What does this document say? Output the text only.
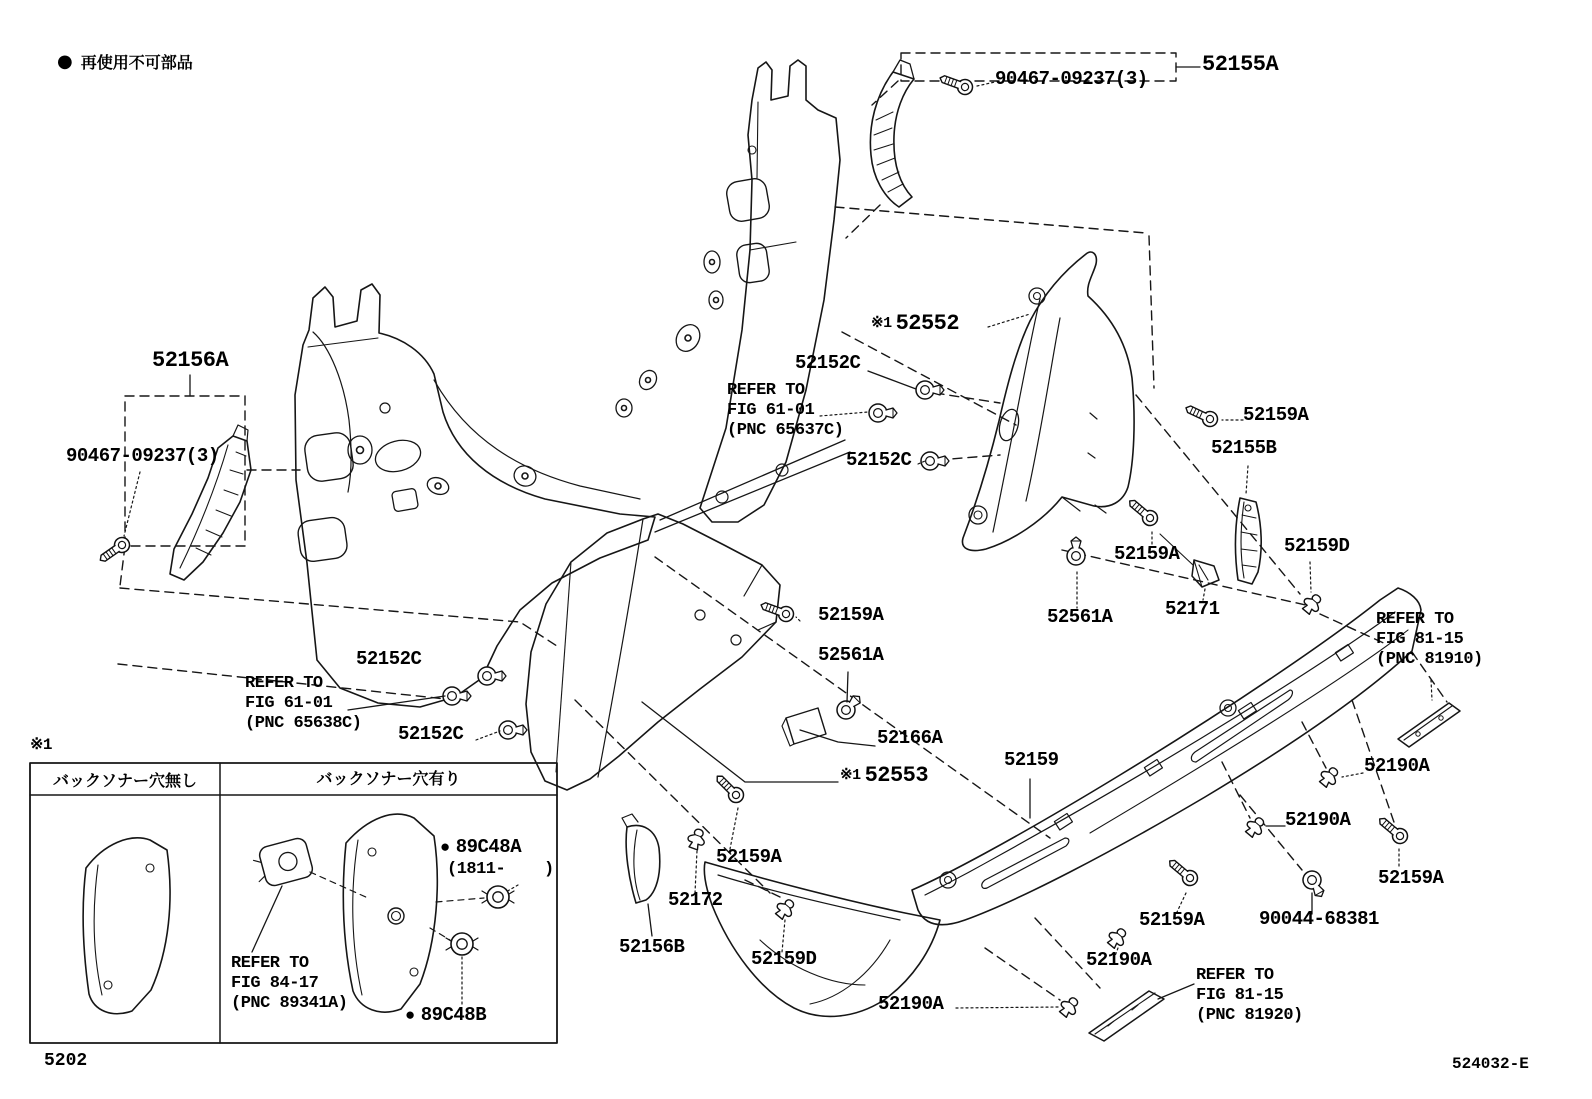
● 再使用不可部品
90467-09237(3)
52155A
52156A
90467-09237(3)
※1 52552
52152C
REFER TO
FIG 61-01
(PNC 65637C)
52152C
52159A
52155B
52159A	52159D
52561A	52171	REFER TO
FIG 81-15
(PNC 81910)
52159A
52561A
52152C
REFER TO
FIG 61-01
(PNC 65638C) 52152C	52166A
※1 52553
52159	52190A
52190A
52159A
52172
52156B
52159D
52159A	90044-68381
52159A
52190A
52190A
REFER TO
FIG 81-15
(PNC 81920)
※1
バックソナー穴無し	バックソナー穴有り
● 89C48A
(1811-    )
REFER TO
FIG 84-17
(PNC 89341A)
● 89C48B
5202	524032-E
